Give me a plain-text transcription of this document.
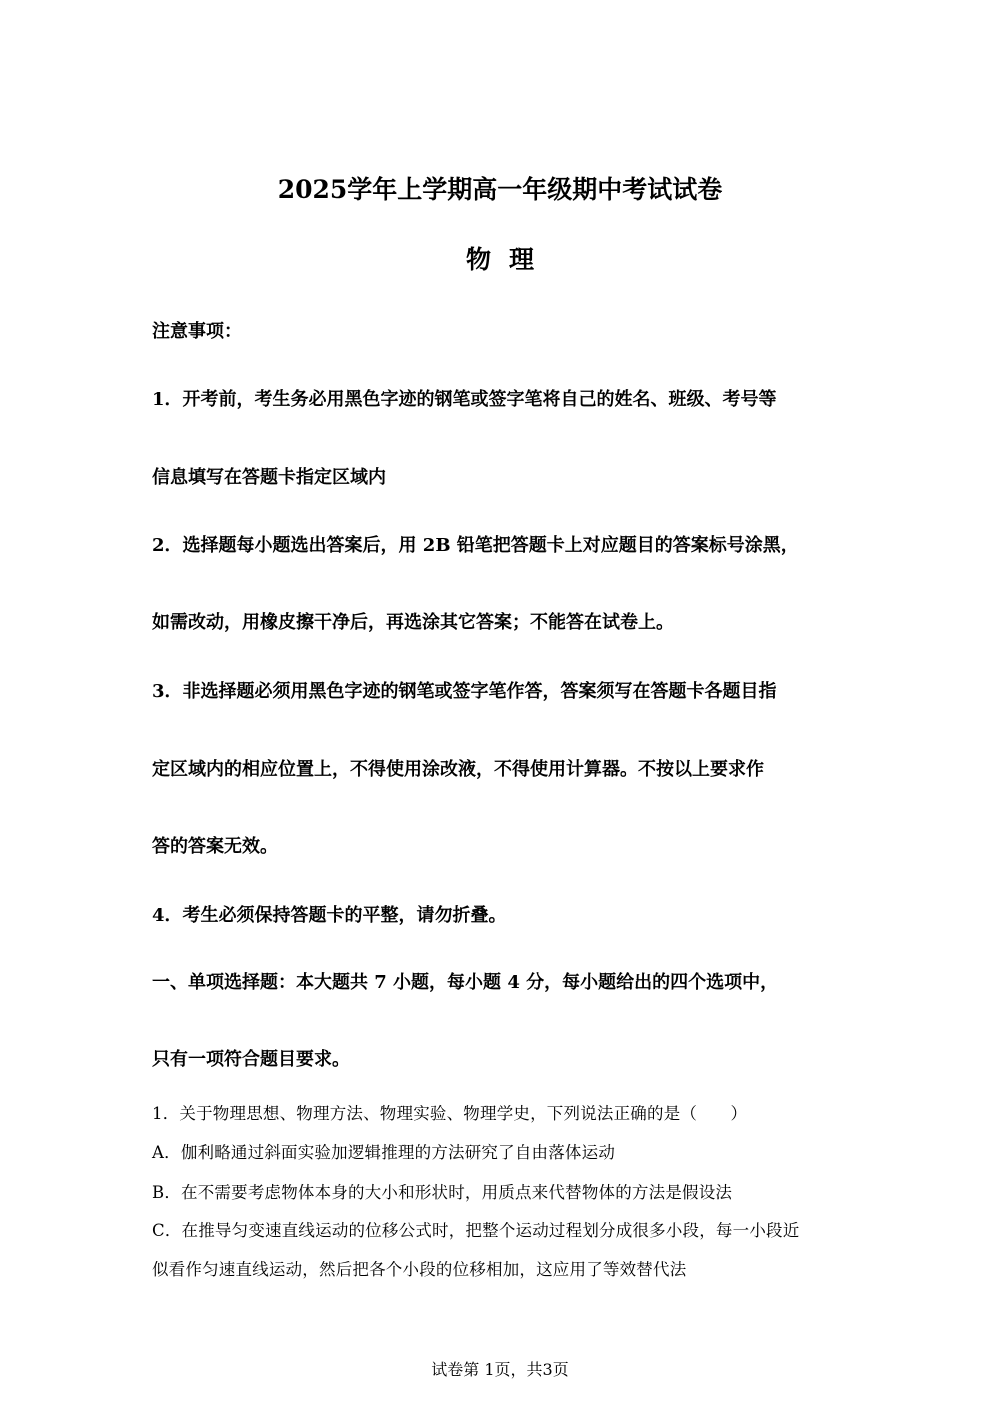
2025学年上学期高一年级期中考试试卷
物理

注意事项：

1．开考前，考生务必用黑色字迹的钢笔或签字笔将自己的姓名、班级、考号等

信息填写在答题卡指定区域内

2．选择题每小题选出答案后，用 2B 铅笔把答题卡上对应题目的答案标号涂黑，

如需改动，用橡皮擦干净后，再选涂其它答案；不能答在试卷上。

3．非选择题必须用黑色字迹的钢笔或签字笔作答，答案须写在答题卡各题目指

定区域内的相应位置上，不得使用涂改液，不得使用计算器。不按以上要求作

答的答案无效。

4．考生必须保持答题卡的平整，请勿折叠。

一、单项选择题：本大题共 7 小题，每小题 4 分，每小题给出的四个选项中，

只有一项符合题目要求。

1．关于物理思想、物理方法、物理实验、物理学史，下列说法正确的是（　　）

A．伽利略通过斜面实验加逻辑推理的方法研究了自由落体运动

B．在不需要考虑物体本身的大小和形状时，用质点来代替物体的方法是假设法

C．在推导匀变速直线运动的位移公式时，把整个运动过程划分成很多小段，每一小段近

似看作匀速直线运动，然后把各个小段的位移相加，这应用了等效替代法

试卷第 1页，共3页
